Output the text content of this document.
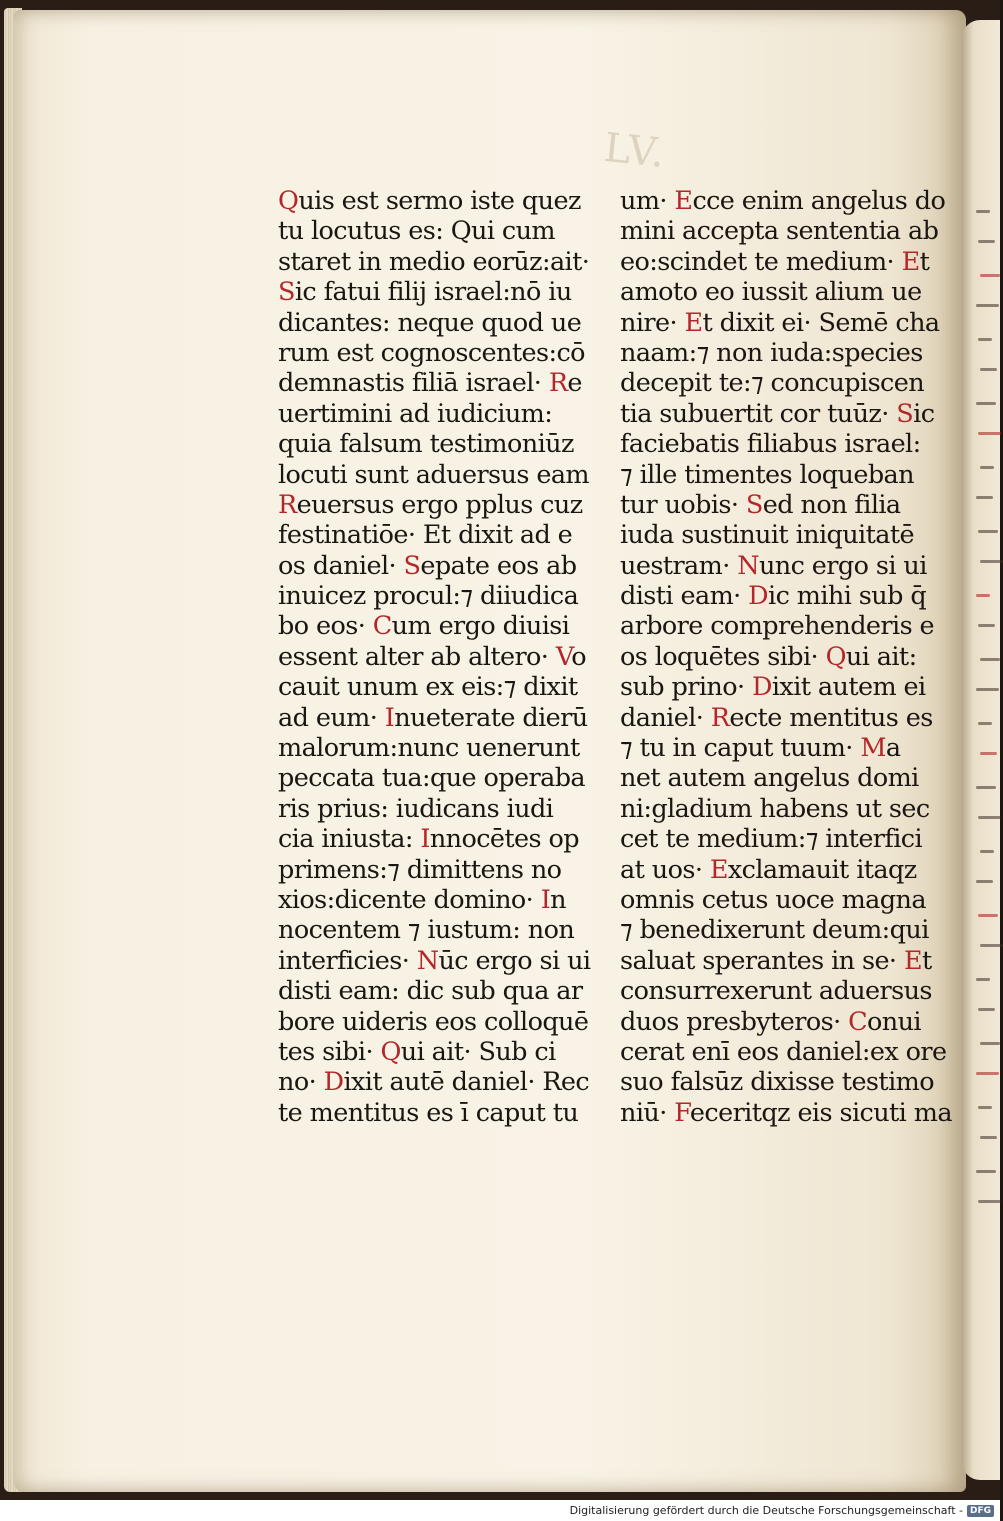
LV.
Quis est sermo iste quez
tu locutus es: Qui cum
staret in medio eorūz:ait·
Sic fatui filij israel:nō iu
dicantes: neque quod ue
rum est cognoscentes:cō
demnastis filiā israel· Re
uertimini ad iudicium:
quia falsum testimoniūz
locuti sunt aduersus eam
Reuersus ergo pplus cuz
festinatiōe· Et dixit ad e
os daniel· Sepate eos ab
inuicez procul:⁊ diiudica
bo eos· Cum ergo diuisi
essent alter ab altero· Vo
cauit unum ex eis:⁊ dixit
ad eum· Inueterate dierū
malorum:nunc uenerunt
peccata tua:que operaba
ris prius: iudicans iudi
cia iniusta: Innocētes op
primens:⁊ dimittens no
xios:dicente domino· In
nocentem ⁊ iustum: non
interficies· Nūc ergo si ui
disti eam: dic sub qua ar
bore uideris eos colloquē
tes sibi· Qui ait· Sub ci
no· Dixit autē daniel· Rec
te mentitus es ī caput tu
um· Ecce enim angelus do
mini accepta sententia ab
eo:scindet te medium· Et
amoto eo iussit alium ue
nire· Et dixit ei· Semē cha
naam:⁊ non iuda:species
decepit te:⁊ concupiscen
tia subuertit cor tuūz· Sic
faciebatis filiabus israel:
⁊ ille timentes loqueban
tur uobis· Sed non filia
iuda sustinuit iniquitatē
uestram· Nunc ergo si ui
disti eam· Dic mihi sub q̄
arbore comprehenderis e
os loquētes sibi· Qui ait:
sub prino· Dixit autem ei
daniel· Recte mentitus es
⁊ tu in caput tuum· Ma
net autem angelus domi
ni:gladium habens ut sec
cet te medium:⁊ interfici
at uos· Exclamauit itaqz
omnis cetus uoce magna
⁊ benedixerunt deum:qui
saluat sperantes in se· Et
consurrexerunt aduersus
duos presbyteros· Conui
cerat enī eos daniel:ex ore
suo falsūz dixisse testimo
niū· Feceritqz eis sicuti ma
Digitalisierung gefördert durch die Deutsche Forschungsgemeinschaft - DFG
